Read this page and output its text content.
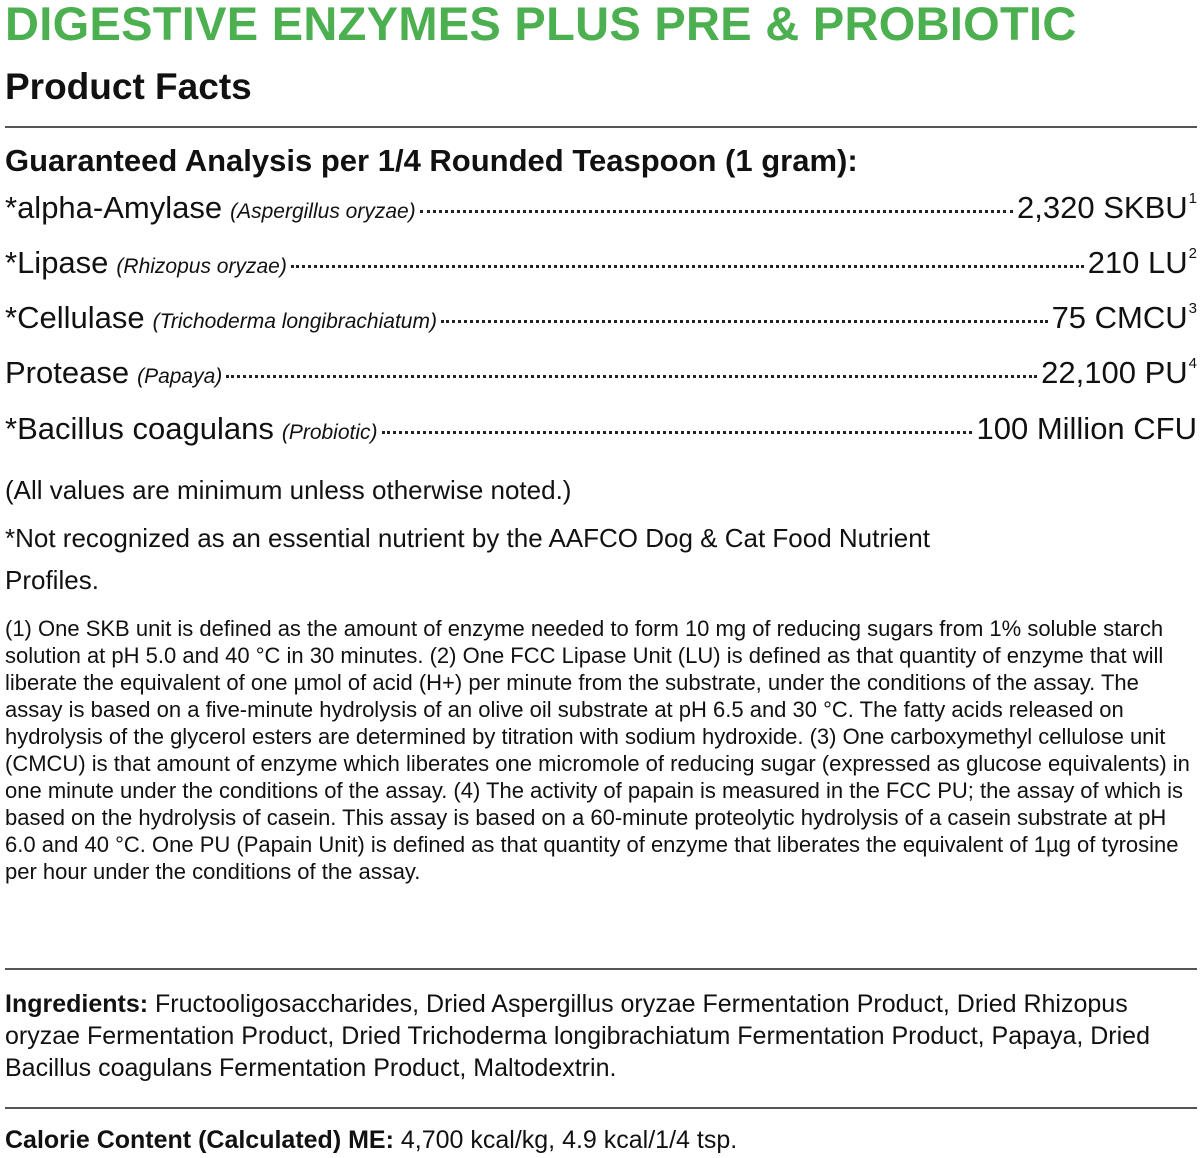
DIGESTIVE ENZYMES PLUS PRE & PROBIOTIC
Product Facts
Guaranteed Analysis per 1/4 Rounded Teaspoon (1 gram):
*alpha-Amylase (Aspergillus oryzae)	2,320 SKBU$^1$
*Lipase (Rhizopus oryzae)	210 $LU^2$
*Cellulase (Trichoderma longibrachiatum)	75 CMCU$^3$
Protease (Papaya)	22,100 $PU^4$
*Bacillus coagulans (Probiotic)	100 Million CFU
(All values are minimum unless otherwise noted.)
*Not recognized as an essential nutrient by the AAFCO Dog & Cat Food Nutrient Profiles.
(1) One SKB unit is defined as the amount of enzyme needed to form 10 mg of reducing sugars from 1% soluble starch solution at pH 5.0 and 40 °C in 30 minutes. (2) One FCC Lipase Unit (LU) is defined as that quantity of enzyme that will liberate the equivalent of one µmol of acid (H+) per minute from the substrate, under the conditions of the assay. The assay is based on a five-minute hydrolysis of an olive oil substrate at pH 6.5 and 30 °C. The fatty acids released on hydrolysis of the glycerol esters are determined by titration with sodium hydroxide. (3) One carboxymethyl cellulose unit (CMCU) is that amount of enzyme which liberates one micromole of reducing sugar (expressed as glucose equivalents) in one minute under the conditions of the assay. (4) The activity of papain is measured in the FCC PU; the assay of which is based on the hydrolysis of casein. This assay is based on a 60-minute proteolytic hydrolysis of a casein substrate at pH 6.0 and 40 °C. One PU (Papain Unit) is defined as that quantity of enzyme that liberates the equivalent of 1µg of tyrosine per hour under the conditions of the assay.
Ingredients: Fructooligosaccharides, Dried Aspergillus oryzae Fermentation Product, Dried Rhizopus oryzae Fermentation Product, Dried Trichoderma longibrachiatum Fermentation Product, Papaya, Dried Bacillus coagulans Fermentation Product, Maltodextrin.
Calorie Content (Calculated) ME: 4,700 kcal/kg, 4.9 kcal/1/4 tsp.
